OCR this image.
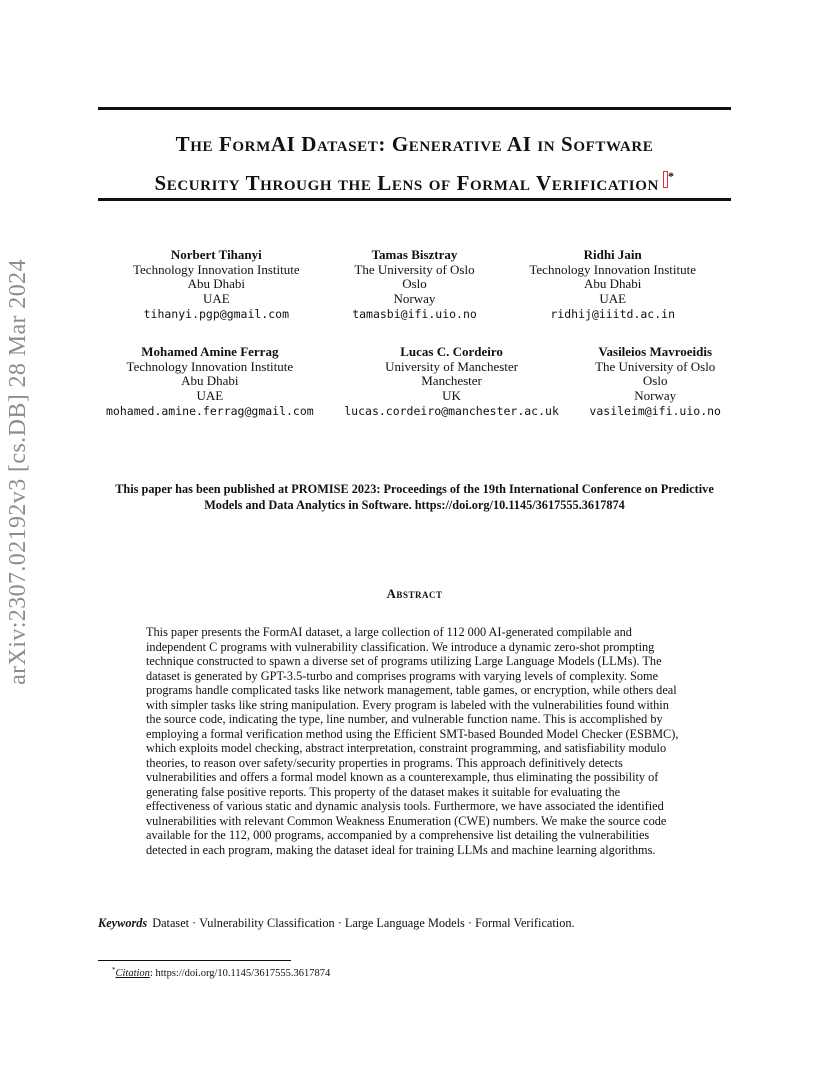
arXiv:2307.02192v3 [cs.DB] 28 Mar 2024
The FormAI Dataset: Generative AI in Software
Security Through the Lens of Formal Verification *
Norbert Tihanyi
Technology Innovation Institute
Abu Dhabi
UAE
tihanyi.pgp@gmail.com
Tamas Bisztray
The University of Oslo
Oslo
Norway
tamasbi@ifi.uio.no
Ridhi Jain
Technology Innovation Institute
Abu Dhabi
UAE
ridhij@iiitd.ac.in
Mohamed Amine Ferrag
Technology Innovation Institute
Abu Dhabi
UAE
mohamed.amine.ferrag@gmail.com
Lucas C. Cordeiro
University of Manchester
Manchester
UK
lucas.cordeiro@manchester.ac.uk
Vasileios Mavroeidis
The University of Oslo
Oslo
Norway
vasileim@ifi.uio.no

This paper has been published at PROMISE 2023: Proceedings of the 19th International Conference on Predictive Models and Data Analytics in Software. https://doi.org/10.1145/3617555.3617874

Abstract

This paper presents the FormAI dataset, a large collection of 112 000 AI-generated compilable and independent C programs with vulnerability classification. We introduce a dynamic zero-shot prompting technique constructed to spawn a diverse set of programs utilizing Large Language Models (LLMs). The dataset is generated by GPT-3.5-turbo and comprises programs with varying levels of complexity. Some programs handle complicated tasks like network management, table games, or encryption, while others deal with simpler tasks like string manipulation. Every program is labeled with the vulnerabilities found within the source code, indicating the type, line number, and vulnerable function name. This is accomplished by employing a formal verification method using the Efficient SMT-based Bounded Model Checker (ESBMC), which exploits model checking, abstract interpretation, constraint programming, and satisfiability modulo theories, to reason over safety/security properties in programs. This approach definitively detects vulnerabilities and offers a formal model known as a counterexample, thus eliminating the possibility of generating false positive reports. This property of the dataset makes it suitable for evaluating the effectiveness of various static and dynamic analysis tools. Furthermore, we have associated the identified vulnerabilities with relevant Common Weakness Enumeration (CWE) numbers. We make the source code available for the 112, 000 programs, accompanied by a comprehensive list detailing the vulnerabilities detected in each program, making the dataset ideal for training LLMs and machine learning algorithms.

Keywords Dataset · Vulnerability Classification · Large Language Models · Formal Verification.

*Citation: https://doi.org/10.1145/3617555.3617874
